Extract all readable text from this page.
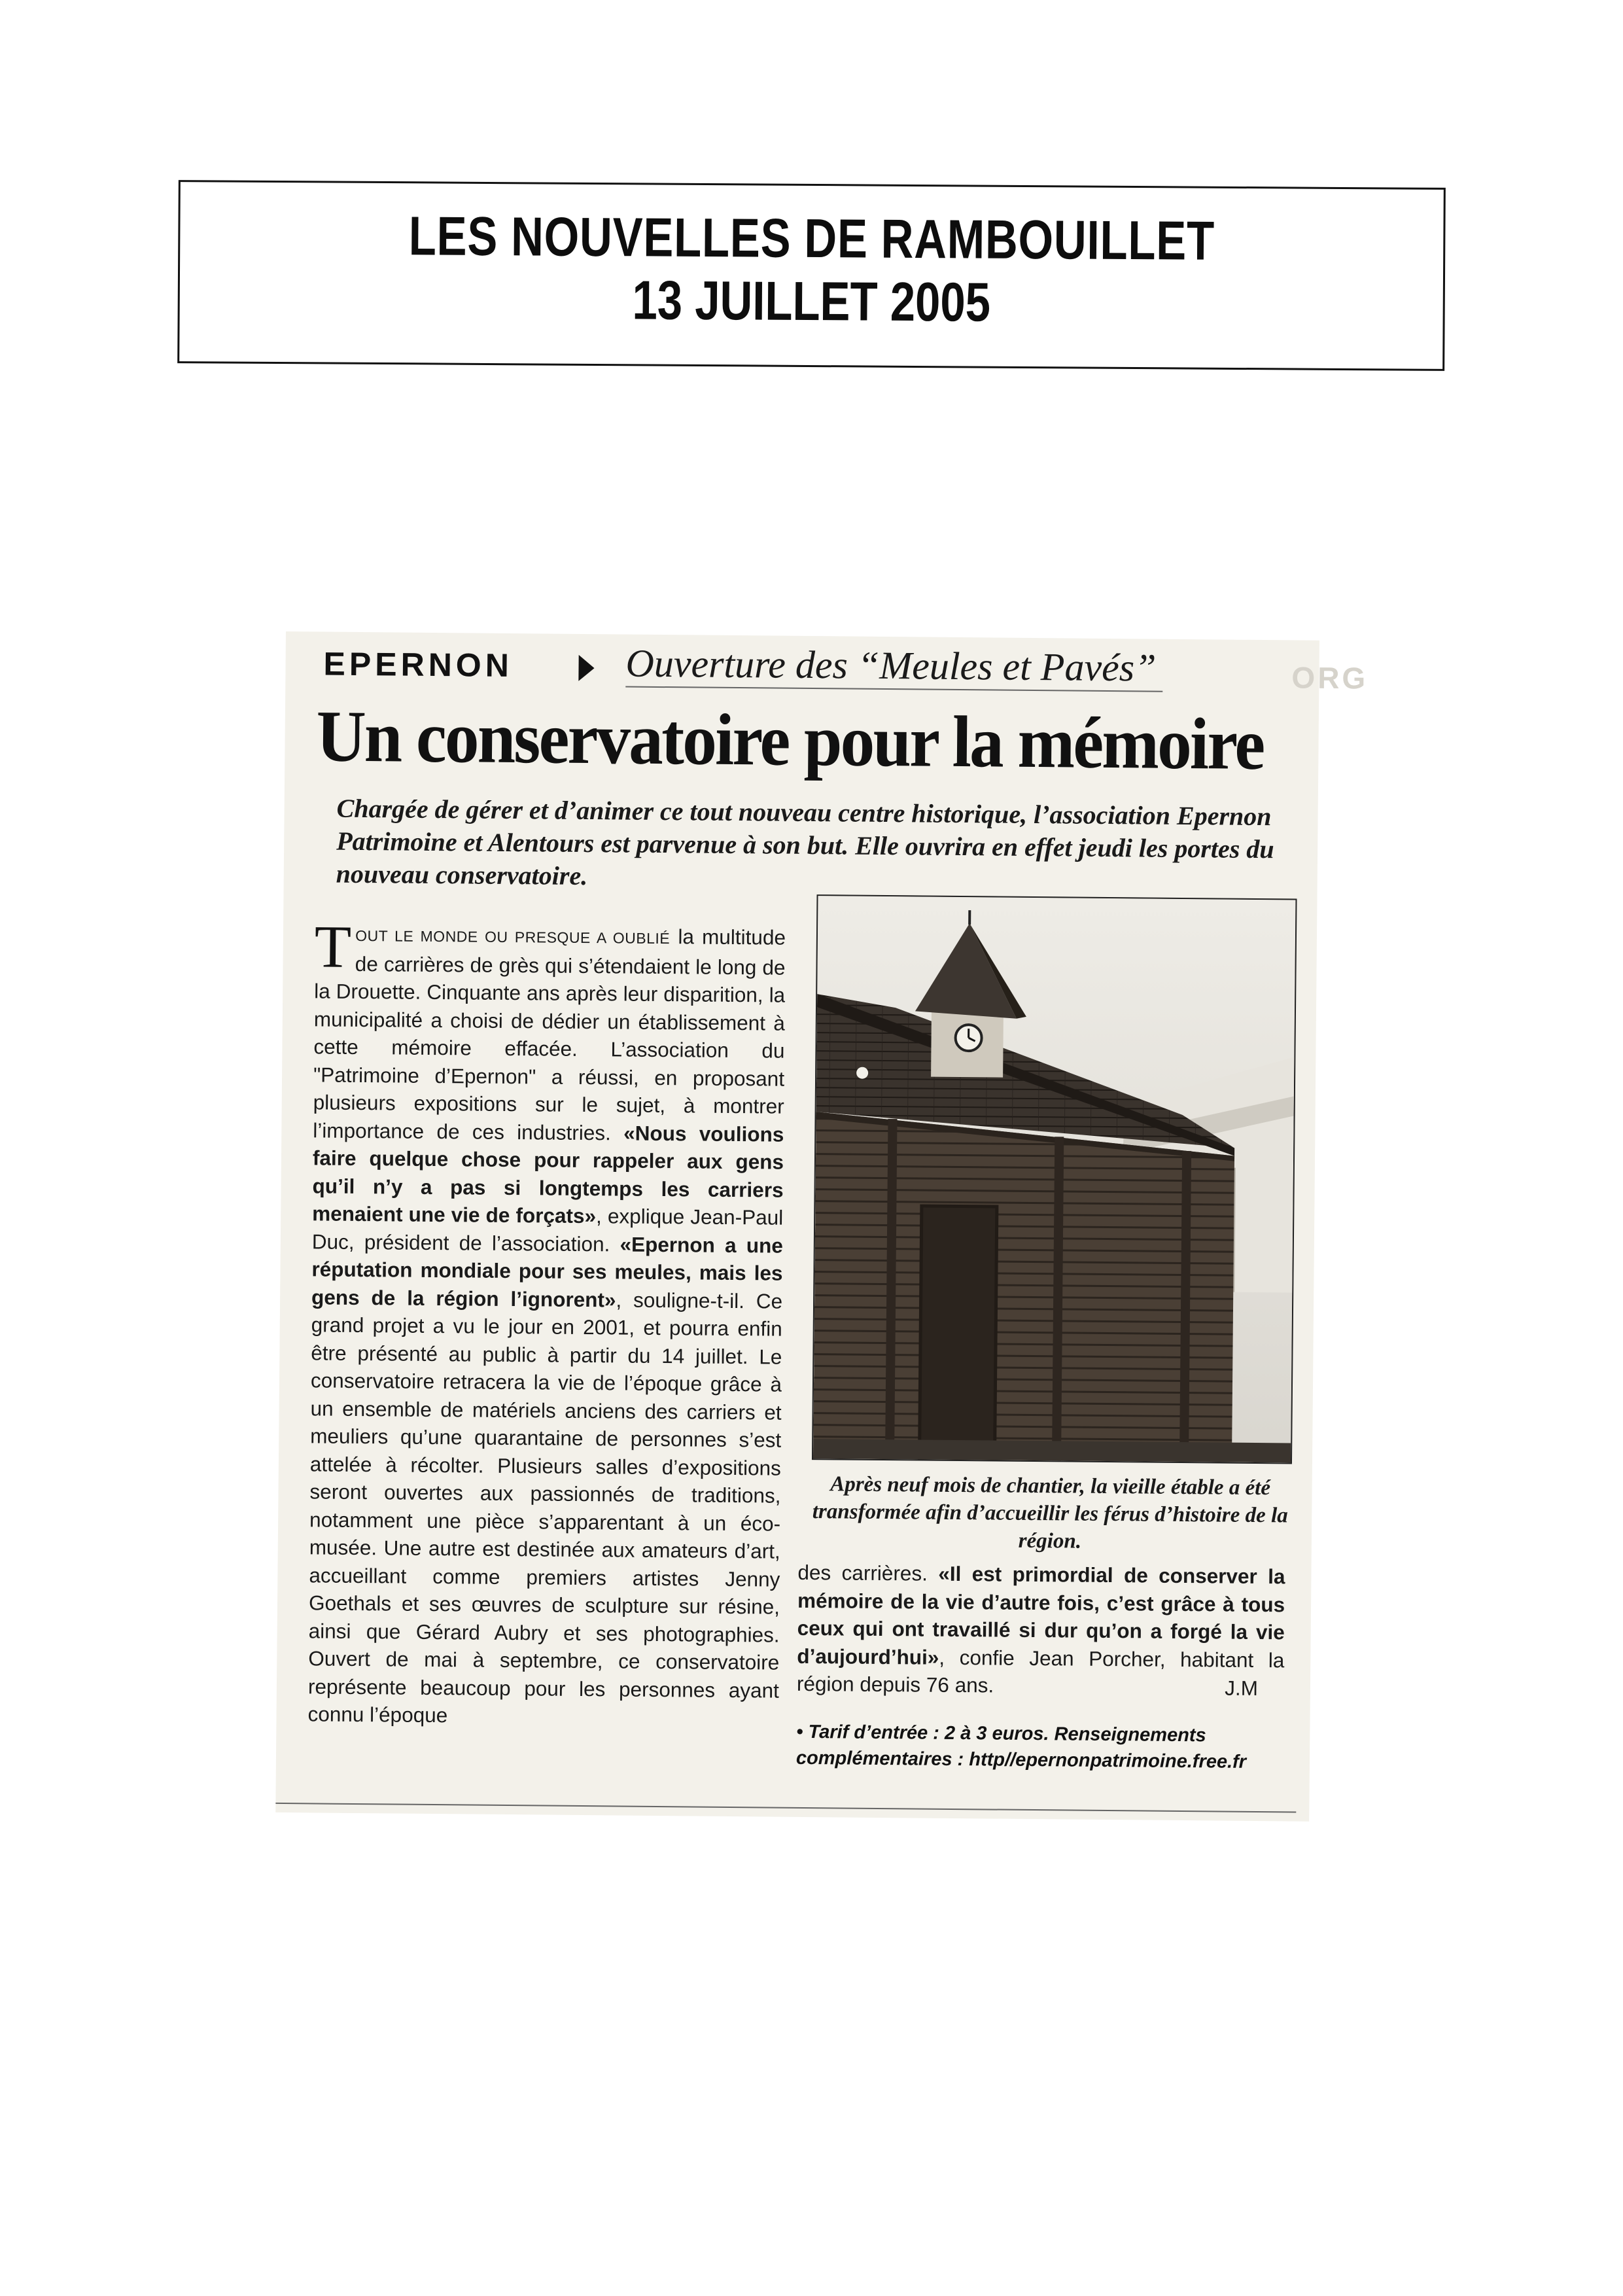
LES NOUVELLES DE RAMBOUILLET
13 JUILLET 2005
EPERNON	Ouverture des “Meules et Pavés”	ORG
Un conservatoire pour la mémoire
Chargée de gérer et d’animer ce tout nouveau centre historique, l’association Epernon Patrimoine et Alentours est parvenue à son but. Elle ouvrira en effet jeudi les portes du nouveau conservatoire.
TOUT LE MONDE OU PRESQUE A OUBLIÉ la multitude de carrières de grès qui s’étendaient le long de la Drouette. Cinquante ans après leur disparition, la municipalité a choisi de dédier un établissement à cette mémoire effacée. L’association du "Patrimoine d’Epernon" a réussi, en proposant plusieurs expositions sur le sujet, à montrer l’importance de ces industries. «Nous voulions faire quelque chose pour rappeler aux gens qu’il n’y a pas si longtemps les carriers menaient une vie de forçats», explique Jean-Paul Duc, président de l’association. «Epernon a une réputation mondiale pour ses meules, mais les gens de la région l’ignorent», souligne-t-il. Ce grand projet a vu le jour en 2001, et pourra enfin être présenté au public à partir du 14 juillet. Le conservatoire retracera la vie de l’époque grâce à un ensemble de matériels anciens des carriers et meuliers qu’une quarantaine de personnes s’est attelée à récolter. Plusieurs salles d’expositions seront ouvertes aux passionnés de traditions, notamment une pièce s’apparentant à un éco-musée. Une autre est destinée aux amateurs d’art, accueillant comme premiers artistes Jenny Goethals et ses œuvres de sculpture sur résine, ainsi que Gérard Aubry et ses photographies. Ouvert de mai à septembre, ce conservatoire représente beaucoup pour les personnes ayant connu l’époque
Après neuf mois de chantier, la vieille étable a été transformée afin d’accueillir les férus d’histoire de la région.
des carrières. «Il est primordial de conserver la mémoire de la vie d’autre fois, c’est grâce à tous ceux qui ont travaillé si dur qu’on a forgé la vie d’aujourd’hui», confie Jean Porcher, habitant la région depuis 76 ans.	J.M
• Tarif d’entrée : 2 à 3 euros. Renseignements complémentaires : http//epernonpatrimoine.free.fr
